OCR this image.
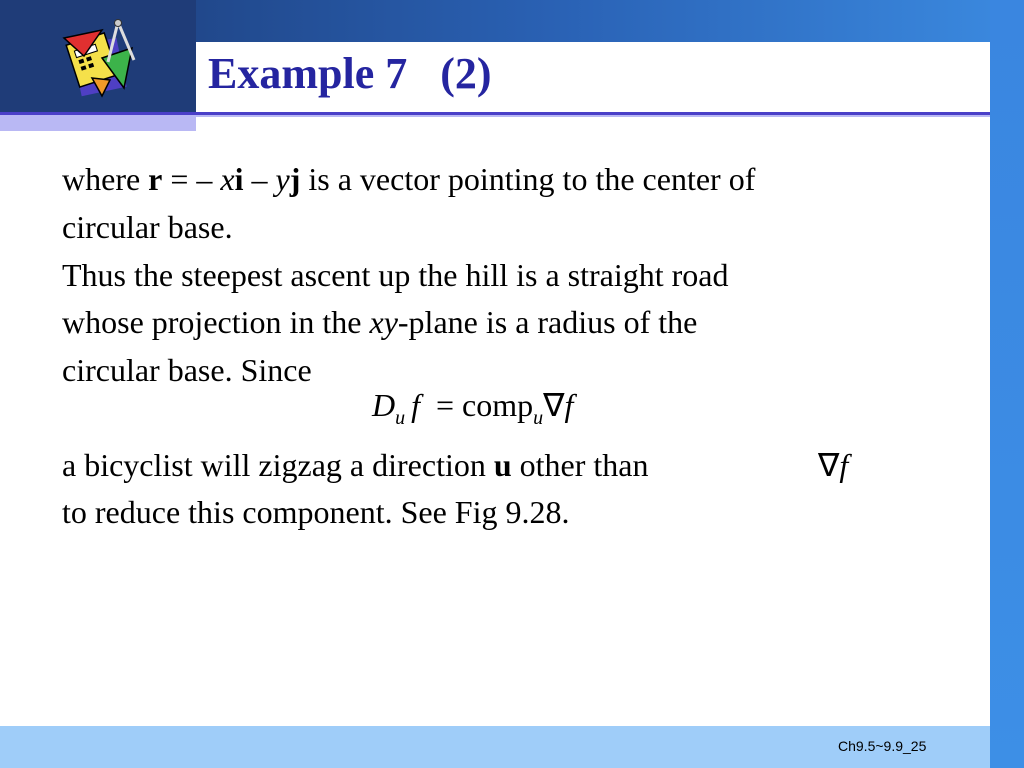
Example 7   (2)
where r = – xi – yj is a vector pointing to the center of
circular base.
Thus the steepest ascent up the hill is a straight road
whose projection in the xy-plane is a radius of the
circular base. Since
$D_u$ f = comp$_u$∇f
a bicyclist will zigzag a direction u other than	∇f
to reduce this component. See Fig 9.28.
Ch9.5~9.9_25
